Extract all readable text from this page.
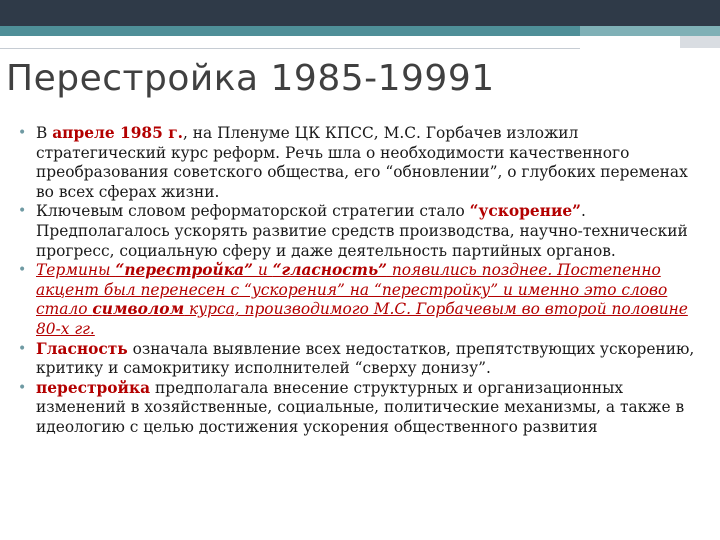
Перестройка 1985-19991
• В апреле 1985 г., на Пленуме ЦК КПСС, М.С. Горбачев изложил стратегический курс реформ. Речь шла о необходимости качественного преобразования советского общества, его “обновлении”, о глубоких переменах во всех сферах жизни.
• Ключевым словом реформаторской стратегии стало “ускорение”. Предполагалось ускорять развитие средств производства, научно-технический прогресс, социальную сферу и даже деятельность партийных органов.
• Термины “перестройка” и “гласность” появились позднее. Постепенно акцент был перенесен с “ускорения” на “перестройку” и именно это слово стало символом курса, производимого М.С. Горбачевым во второй половине 80-х гг.
• Гласность означала выявление всех недостатков, препятствующих ускорению, критику и самокритику исполнителей “сверху донизу”.
• перестройка предполагала внесение структурных и организационных изменений в хозяйственные, социальные, политические механизмы, а также в идеологию с целью достижения ускорения общественного развития
